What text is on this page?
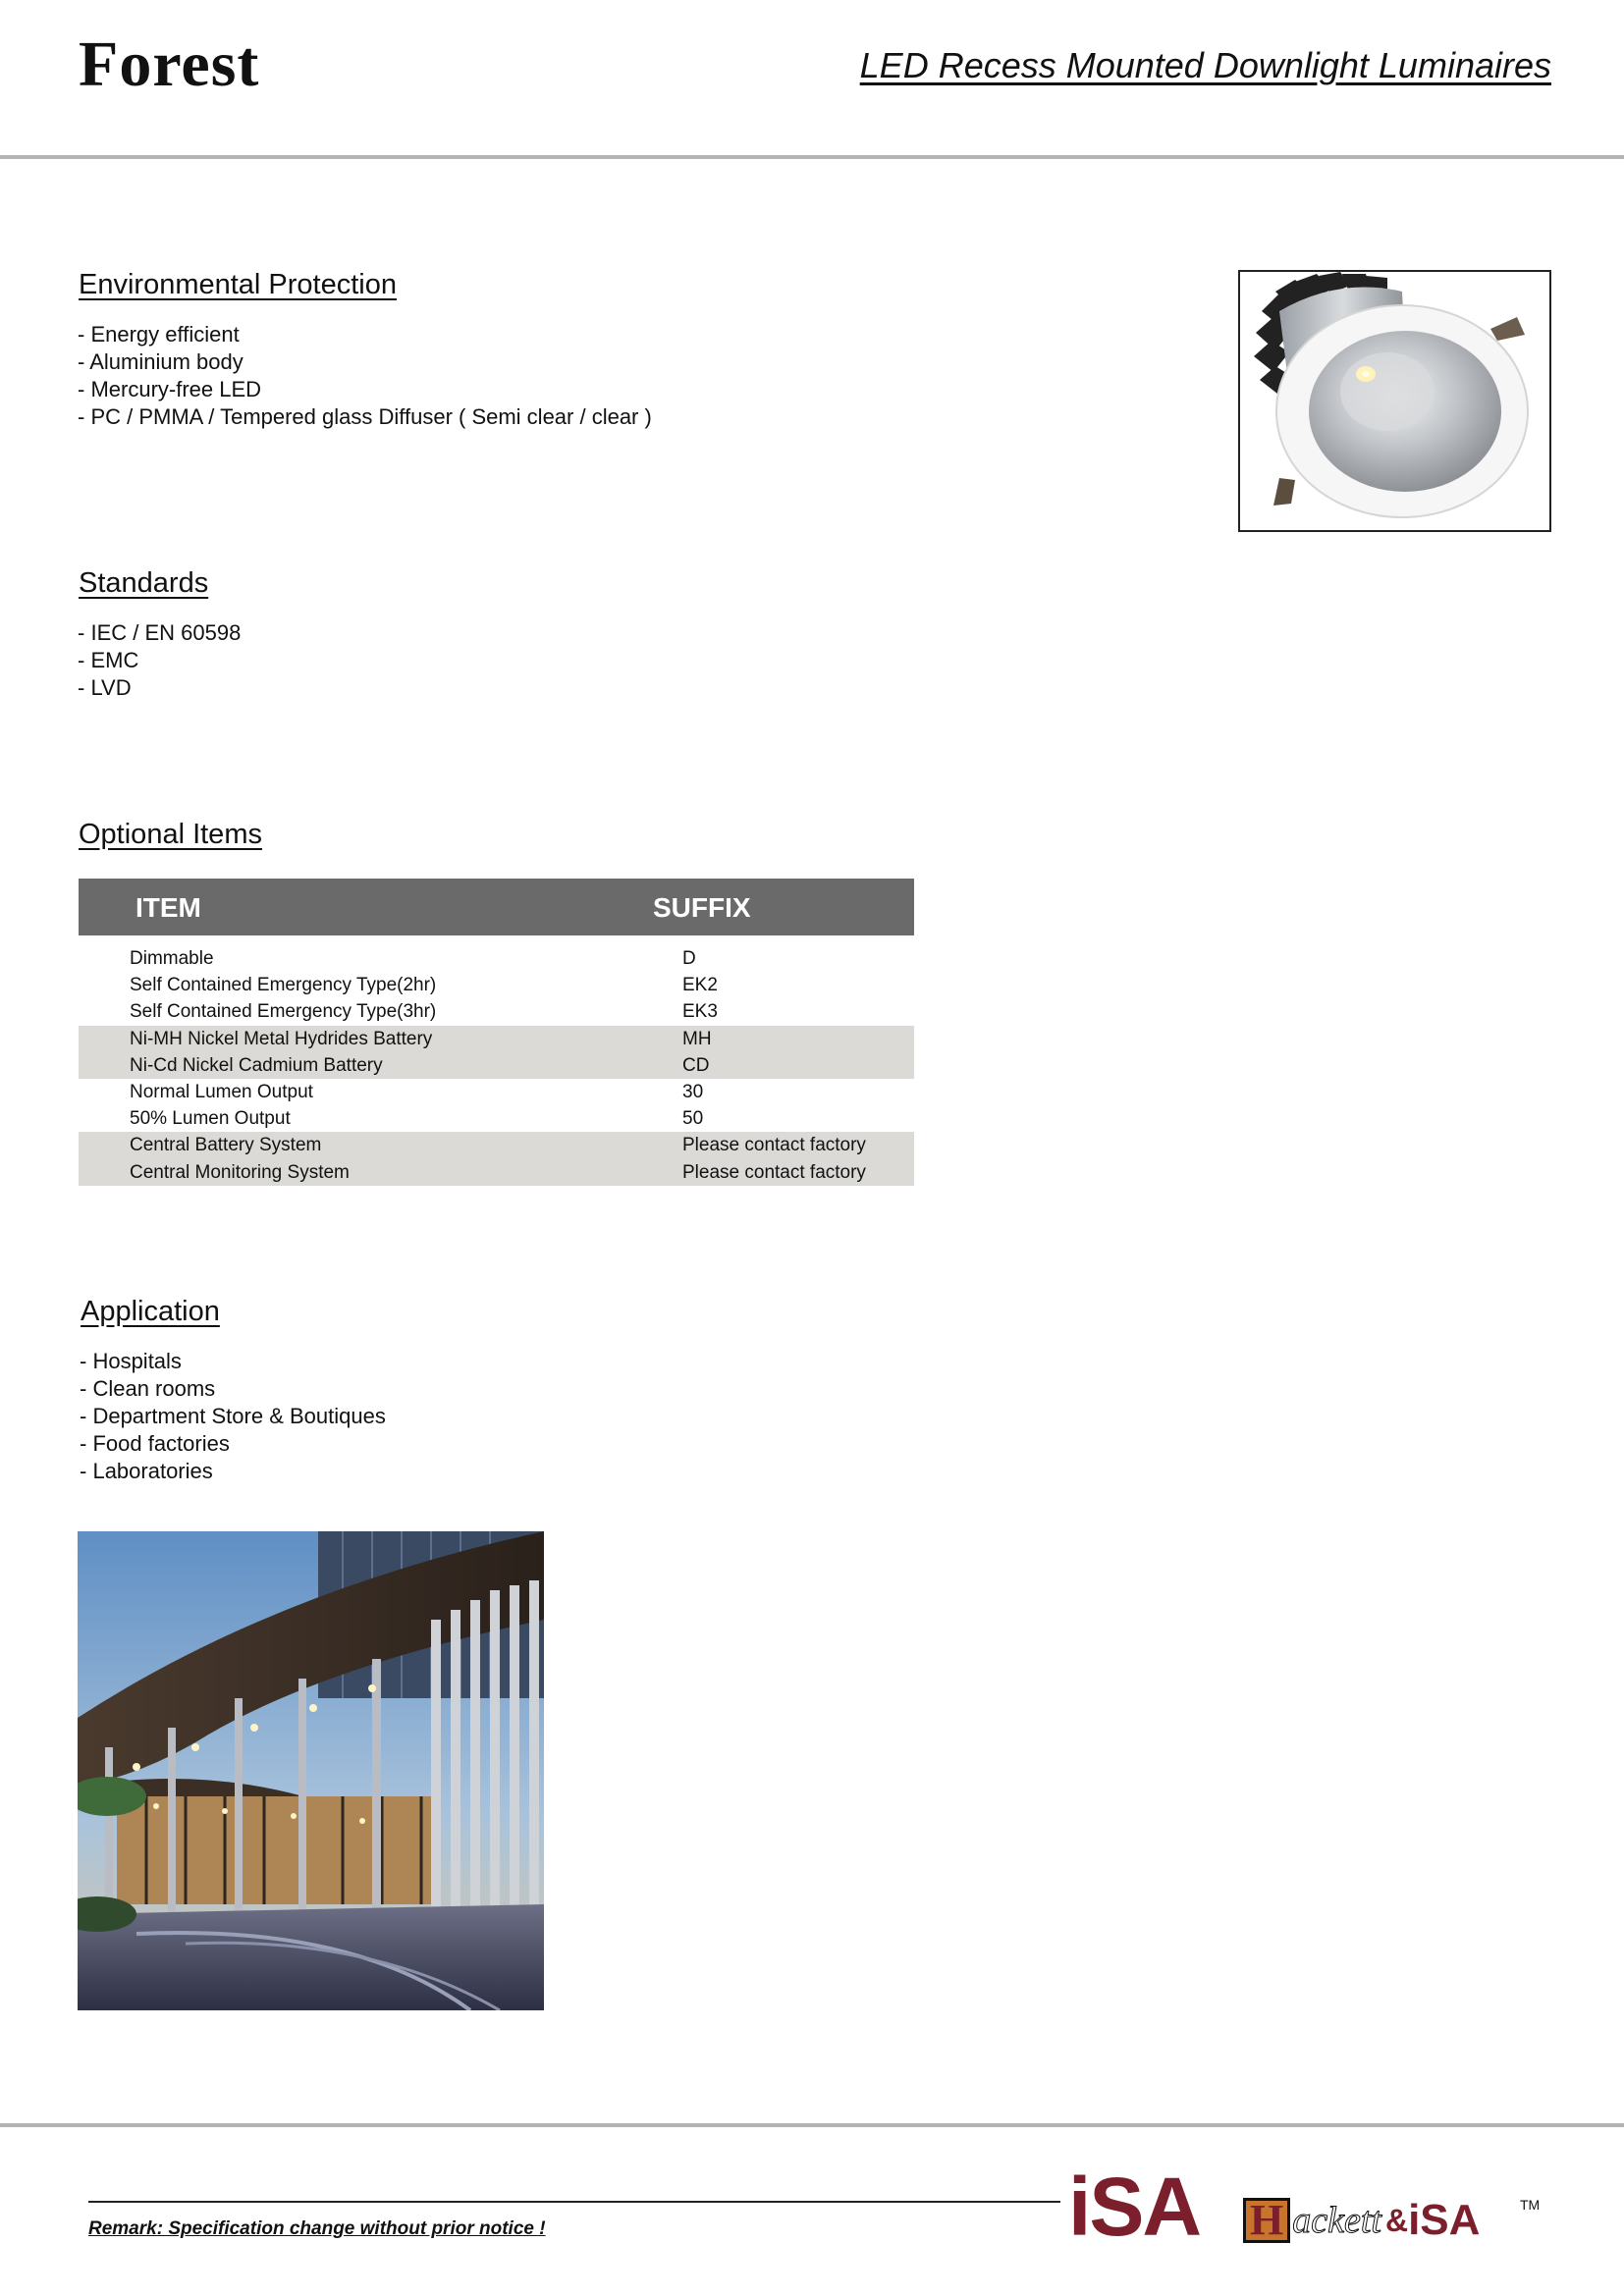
Forest	LED Recess Mounted Downlight Luminaires
Environmental Protection
- Energy efficient
- Aluminium body
- Mercury-free LED
- PC / PMMA / Tempered glass Diffuser ( Semi clear / clear )
Standards
- IEC / EN 60598
- EMC
- LVD
Optional Items
ITEM	SUFFIX
Dimmable	D
Self Contained Emergency Type(2hr)	EK2
Self Contained Emergency Type(3hr)	EK3
Ni-MH Nickel Metal Hydrides Battery	MH
Ni-Cd Nickel Cadmium Battery	CD
Normal Lumen Output	30
50% Lumen Output	50
Central Battery System	Please contact factory
Central Monitoring System	Please contact factory
Application
- Hospitals
- Clean rooms
- Department Store & Boutiques
- Food factories
- Laboratories
Remark: Specification change without prior notice !	iSA H ackett & iSA	TM
